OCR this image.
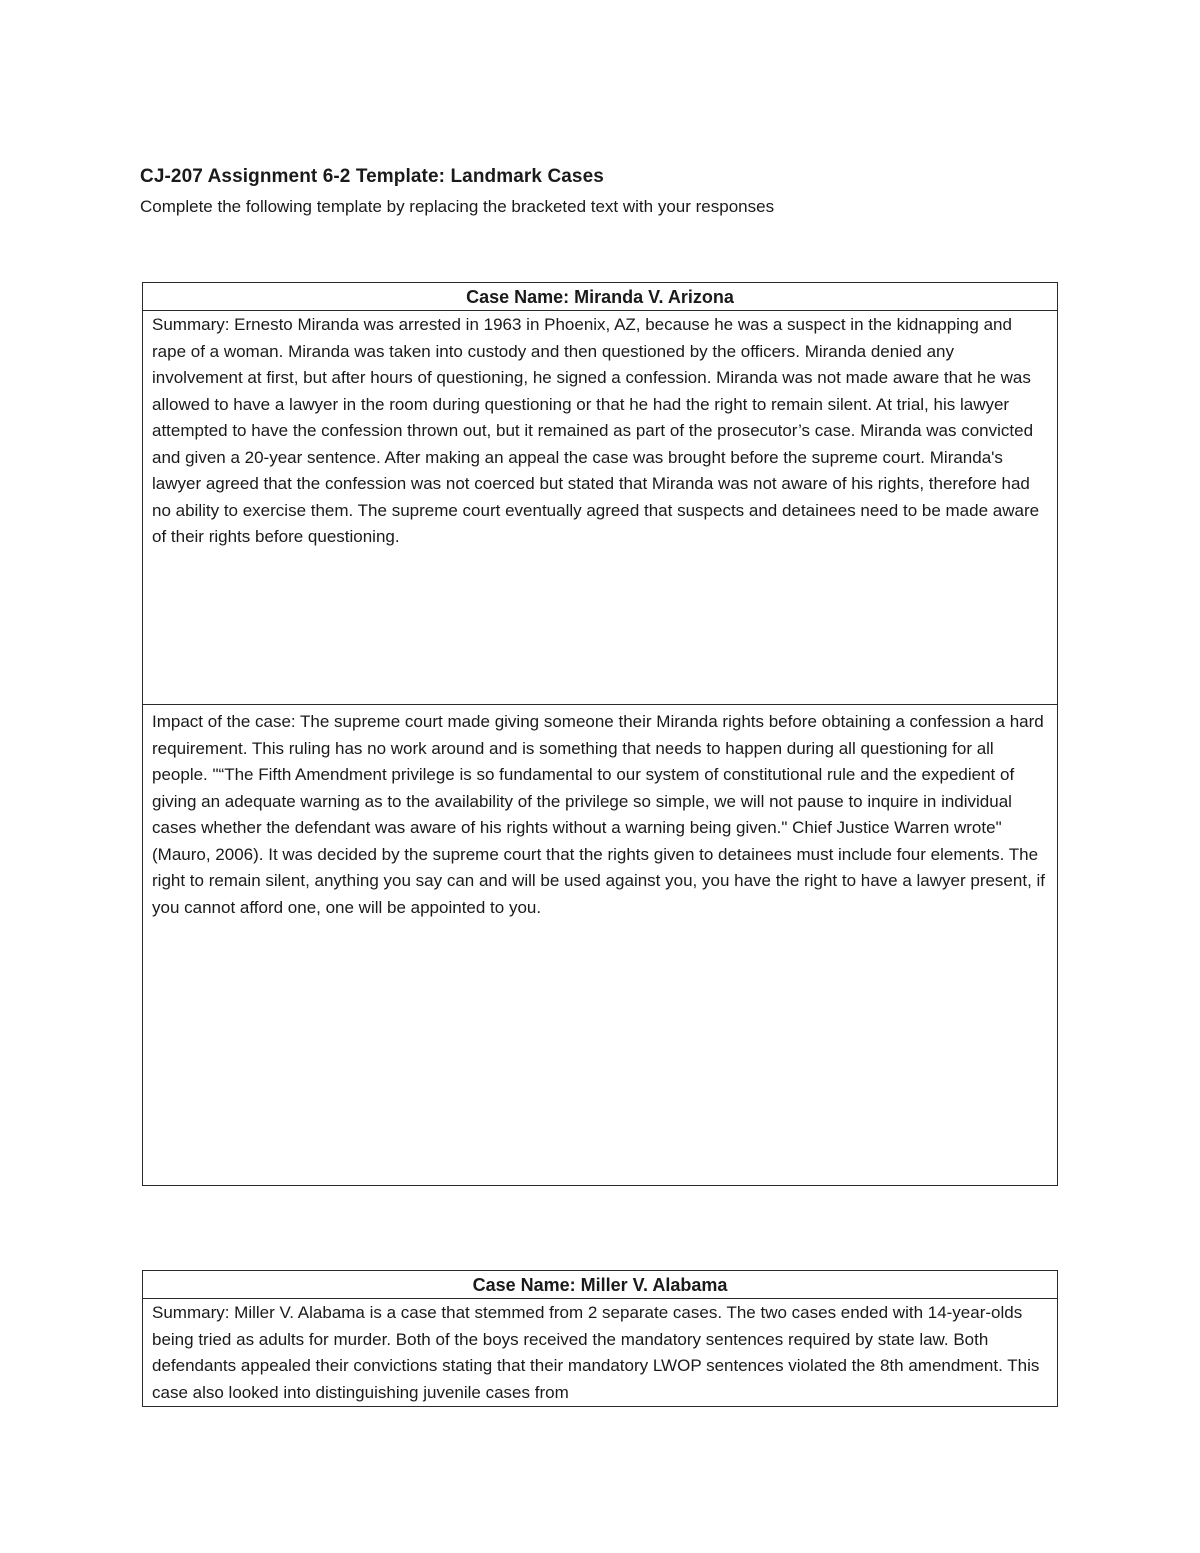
CJ-207 Assignment 6-2 Template: Landmark Cases
Complete the following template by replacing the bracketed text with your responses
Case Name: Miranda V. Arizona
Summary: Ernesto Miranda was arrested in 1963 in Phoenix, AZ, because he was a suspect in the kidnapping and rape of a woman. Miranda was taken into custody and then questioned by the officers. Miranda denied any involvement at first, but after hours of questioning, he signed a confession. Miranda was not made aware that he was allowed to have a lawyer in the room during questioning or that he had the right to remain silent. At trial, his lawyer attempted to have the confession thrown out, but it remained as part of the prosecutor’s case. Miranda was convicted and given a 20-year sentence. After making an appeal the case was brought before the supreme court. Miranda's lawyer agreed that the confession was not coerced but stated that Miranda was not aware of his rights, therefore had no ability to exercise them. The supreme court eventually agreed that suspects and detainees need to be made aware of their rights before questioning.
Impact of the case: The supreme court made giving someone their Miranda rights before obtaining a confession a hard requirement. This ruling has no work around and is something that needs to happen during all questioning for all people. "“The Fifth Amendment privilege is so fundamental to our system of constitutional rule and the expedient of giving an adequate warning as to the availability of the privilege so simple, we will not pause to inquire in individual cases whether the defendant was aware of his rights without a warning being given." Chief Justice Warren wrote" (Mauro, 2006). It was decided by the supreme court that the rights given to detainees must include four elements. The right to remain silent, anything you say can and will be used against you, you have the right to have a lawyer present, if you cannot afford one, one will be appointed to you.
Case Name: Miller V. Alabama
Summary: Miller V. Alabama is a case that stemmed from 2 separate cases. The two cases ended with 14-year-olds being tried as adults for murder. Both of the boys received the mandatory sentences required by state law. Both defendants appealed their convictions stating that their mandatory LWOP sentences violated the 8th amendment. This case also looked into distinguishing juvenile cases from
